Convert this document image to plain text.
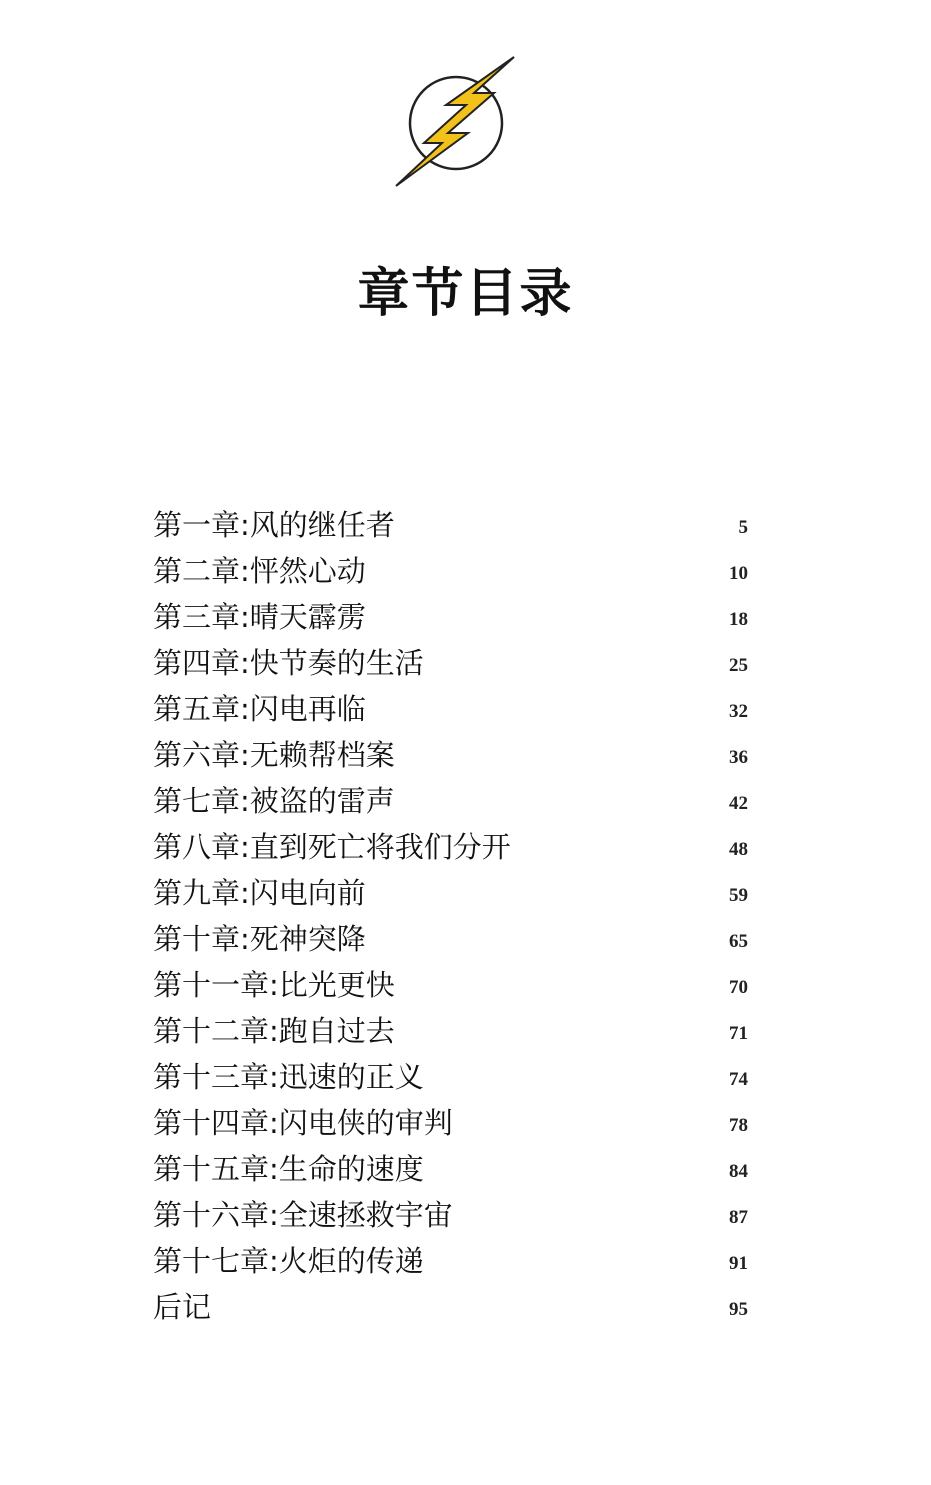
章节目录
第一章:风的继任者	5
第二章:怦然心动	10
第三章:晴天霹雳	18
第四章:快节奏的生活	25
第五章:闪电再临	32
第六章:无赖帮档案	36
第七章:被盗的雷声	42
第八章:直到死亡将我们分开	48
第九章:闪电向前	59
第十章:死神突降	65
第十一章:比光更快	70
第十二章:跑自过去	71
第十三章:迅速的正义	74
第十四章:闪电侠的审判	78
第十五章:生命的速度	84
第十六章:全速拯救宇宙	87
第十七章:火炬的传递	91
后记	95
